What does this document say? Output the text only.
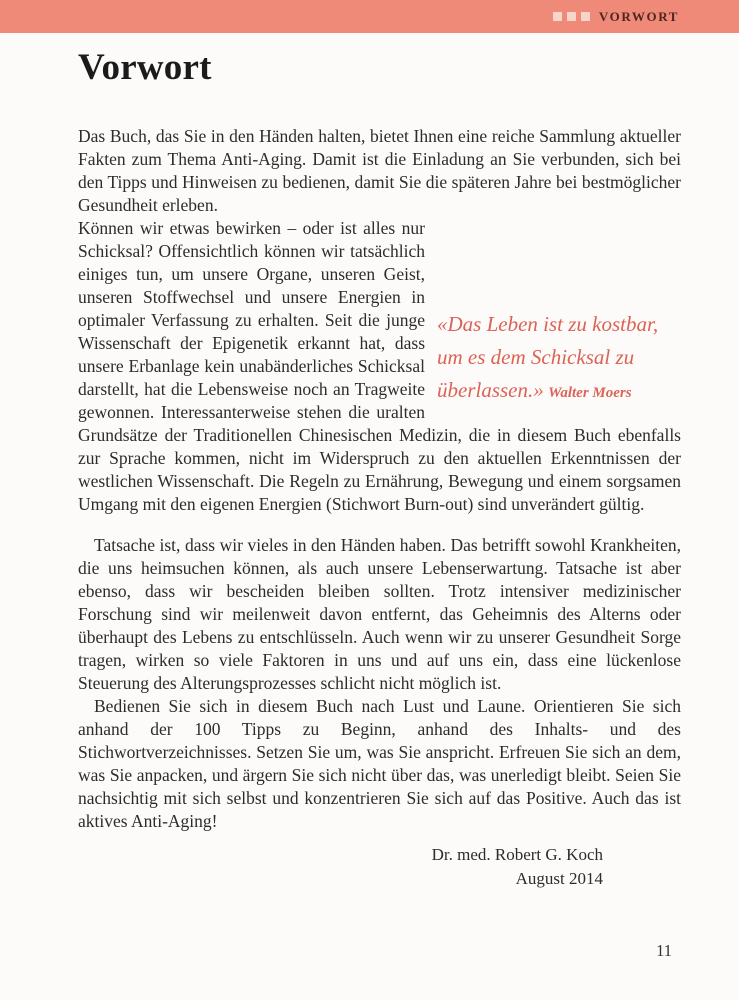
VORWORT
Vorwort

Das Buch, das Sie in den Händen halten, bietet Ihnen eine reiche Sammlung aktueller Fakten zum Thema Anti-Aging. Damit ist die Einladung an Sie verbunden, sich bei den Tipps und Hinweisen zu bedienen, damit Sie die späteren Jahre bei bestmöglicher Gesundheit erleben.

«Das Leben ist zu kostbar, um es dem Schicksal zu überlassen.» Walter Moers
Können wir etwas bewirken – oder ist alles nur Schicksal? Offensichtlich können wir tatsächlich einiges tun, um unsere Organe, unseren Geist, unseren Stoffwechsel und unsere Energien in optimaler Verfassung zu erhalten. Seit die junge Wissenschaft der Epigenetik erkannt hat, dass unsere Erbanlage kein unabänderliches Schicksal darstellt, hat die Lebensweise noch an Tragweite gewonnen. Interessanterweise stehen die uralten Grundsätze der Traditionellen Chinesischen Medizin, die in diesem Buch ebenfalls zur Sprache kommen, nicht im Widerspruch zu den aktuellen Erkenntnissen der westlichen Wissenschaft. Die Regeln zu Ernährung, Bewegung und einem sorgsamen Umgang mit den eigenen Energien (Stichwort Burn-out) sind unverändert gültig.

Tatsache ist, dass wir vieles in den Händen haben. Das betrifft sowohl Krankheiten, die uns heimsuchen können, als auch unsere Lebenserwartung. Tatsache ist aber ebenso, dass wir bescheiden bleiben sollten. Trotz intensiver medizinischer Forschung sind wir meilenweit davon entfernt, das Geheimnis des Alterns oder überhaupt des Lebens zu entschlüsseln. Auch wenn wir zu unserer Gesundheit Sorge tragen, wirken so viele Faktoren in uns und auf uns ein, dass eine lückenlose Steuerung des Alterungsprozesses schlicht nicht möglich ist.

Bedienen Sie sich in diesem Buch nach Lust und Laune. Orientieren Sie sich anhand der 100 Tipps zu Beginn, anhand des Inhalts- und des Stichwortverzeichnisses. Setzen Sie um, was Sie anspricht. Erfreuen Sie sich an dem, was Sie anpacken, und ärgern Sie sich nicht über das, was unerledigt bleibt. Seien Sie nachsichtig mit sich selbst und konzentrieren Sie sich auf das Positive. Auch das ist aktives Anti-Aging!

Dr. med. Robert G. Koch
August 2014
11
